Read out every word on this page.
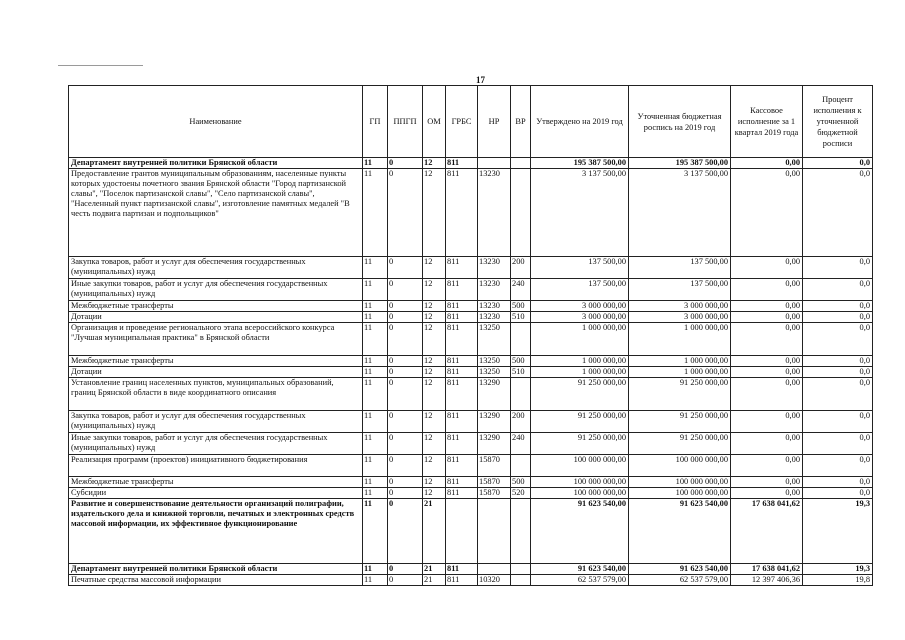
17
Наименование	ГП	ППГП	ОМ	ГРБС	НР	ВР	Утверждено на 2019 год	Уточненная бюджетная роспись на 2019 год	Кассовое исполнение за 1 квартал 2019 года	Процент исполнения к уточненной бюджетной росписи
Департамент внутренней политики Брянской области	11	0	12	811			195 387 500,00	195 387 500,00	0,00	0,0
Предоставление грантов муниципальным образованиям, населенные пункты которых удостоены почетного звания Брянской области "Город партизанской славы", "Поселок партизанской славы", "Село партизанской славы", "Населенный пункт партизанской славы", изготовление памятных медалей "В честь подвига партизан и подпольщиков"	11	0	12	811	13230		3 137 500,00	3 137 500,00	0,00	0,0
Закупка товаров, работ и услуг для обеспечения государственных (муниципальных) нужд	11	0	12	811	13230	200	137 500,00	137 500,00	0,00	0,0
Иные закупки товаров, работ и услуг для обеспечения государственных (муниципальных) нужд	11	0	12	811	13230	240	137 500,00	137 500,00	0,00	0,0
Межбюджетные трансферты	11	0	12	811	13230	500	3 000 000,00	3 000 000,00	0,00	0,0
Дотации	11	0	12	811	13230	510	3 000 000,00	3 000 000,00	0,00	0,0
Организация и проведение регионального этапа всероссийского конкурса "Лучшая муниципальная практика" в Брянской области	11	0	12	811	13250		1 000 000,00	1 000 000,00	0,00	0,0
Межбюджетные трансферты	11	0	12	811	13250	500	1 000 000,00	1 000 000,00	0,00	0,0
Дотации	11	0	12	811	13250	510	1 000 000,00	1 000 000,00	0,00	0,0
Установление границ населенных пунктов, муниципальных образований, границ Брянской области в виде координатного описания	11	0	12	811	13290		91 250 000,00	91 250 000,00	0,00	0,0
Закупка товаров, работ и услуг для обеспечения государственных (муниципальных) нужд	11	0	12	811	13290	200	91 250 000,00	91 250 000,00	0,00	0,0
Иные закупки товаров, работ и услуг для обеспечения государственных (муниципальных) нужд	11	0	12	811	13290	240	91 250 000,00	91 250 000,00	0,00	0,0
Реализация программ (проектов) инициативного бюджетирования	11	0	12	811	15870		100 000 000,00	100 000 000,00	0,00	0,0
Межбюджетные трансферты	11	0	12	811	15870	500	100 000 000,00	100 000 000,00	0,00	0,0
Субсидии	11	0	12	811	15870	520	100 000 000,00	100 000 000,00	0,00	0,0
Развитие и совершенствование деятельности организаций полиграфии, издательского дела и книжной торговли, печатных и электронных средств массовой информации, их эффективное функционирование	11	0	21				91 623 540,00	91 623 540,00	17 638 041,62	19,3
Департамент внутренней политики Брянской области	11	0	21	811			91 623 540,00	91 623 540,00	17 638 041,62	19,3
Печатные средства массовой информации	11	0	21	811	10320		62 537 579,00	62 537 579,00	12 397 406,36	19,8
